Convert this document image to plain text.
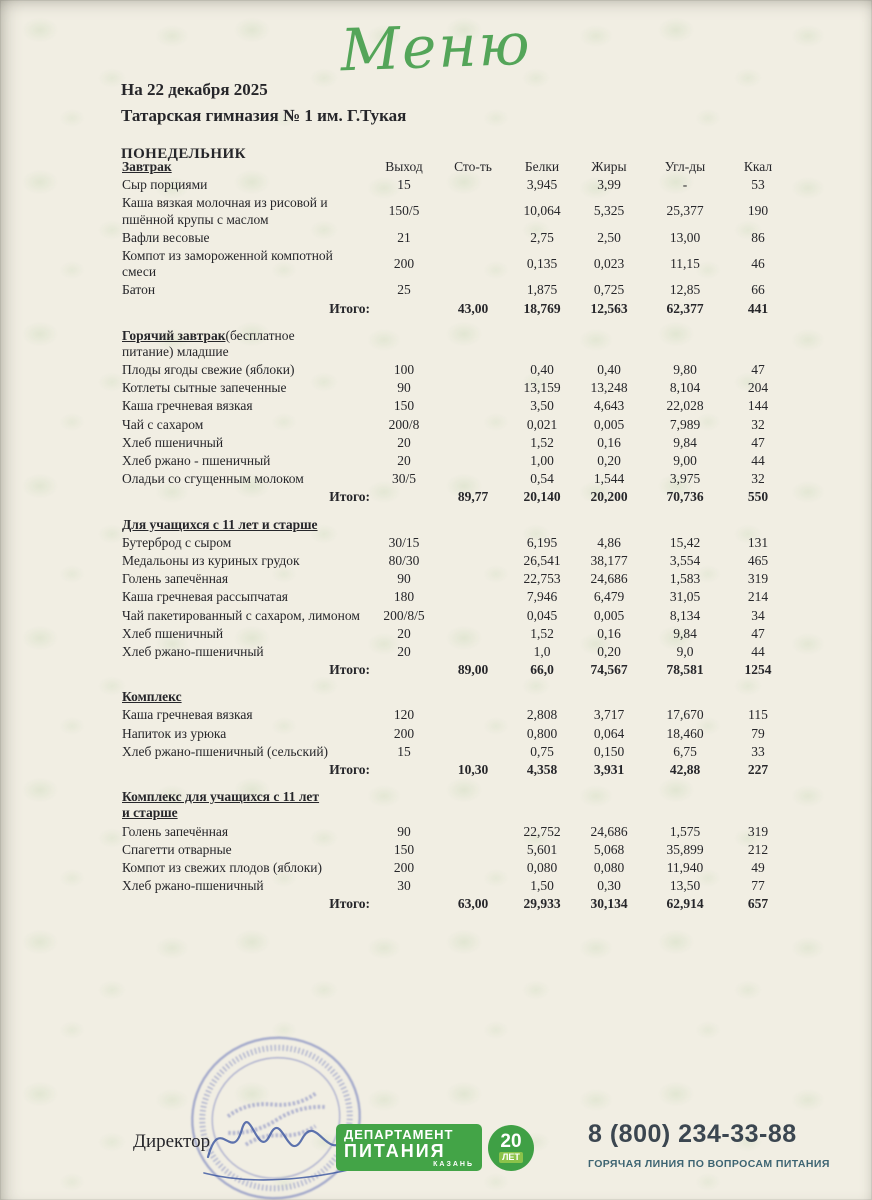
Меню
На 22 декабря 2025
Татарская гимназия № 1 им. Г.Тукая
ПОНЕДЕЛЬНИК
Завтрак	Выход	Сто-ть	Белки	Жиры	Угл-ды	Ккал
Сыр порциями	15		3,945	3,99	-	53
Каша вязкая молочная из рисовой и пшённой крупы с маслом	150/5		10,064	5,325	25,377	190
Вафли весовые	21		2,75	2,50	13,00	86
Компот из замороженной компотной смеси	200		0,135	0,023	11,15	46
Батон	25		1,875	0,725	12,85	66
Итого:		43,00	18,769	12,563	62,377	441

Горячий завтрак(бесплатное питание) младшие						

Плоды ягоды свежие (яблоки)	100		0,40	0,40	9,80	47
Котлеты сытные запеченные	90		13,159	13,248	8,104	204
Каша гречневая вязкая	150		3,50	4,643	22,028	144
Чай с сахаром	200/8		0,021	0,005	7,989	32
Хлеб пшеничный	20		1,52	0,16	9,84	47
Хлеб ржано - пшеничный	20		1,00	0,20	9,00	44
Оладьи со сгущенным молоком	30/5		0,54	1,544	3,975	32
Итого:		89,77	20,140	20,200	70,736	550

Для учащихся с 11 лет и старше						

Бутерброд с сыром	30/15		6,195	4,86	15,42	131
Медальоны из куриных грудок	80/30		26,541	38,177	3,554	465
Голень запечённая	90		22,753	24,686	1,583	319
Каша гречневая рассыпчатая	180		7,946	6,479	31,05	214
Чай пакетированный с сахаром, лимоном	200/8/5		0,045	0,005	8,134	34
Хлеб пшеничный	20		1,52	0,16	9,84	47
Хлеб ржано-пшеничный	20		1,0	0,20	9,0	44
Итого:		89,00	66,0	74,567	78,581	1254

Комплекс						

Каша гречневая вязкая	120		2,808	3,717	17,670	115
Напиток из урюка	200		0,800	0,064	18,460	79
Хлеб ржано-пшеничный (сельский)	15		0,75	0,150	6,75	33
Итого:		10,30	4,358	3,931	42,88	227

Комплекс для учащихся с 11 лет и старше						

Голень запечённая	90		22,752	24,686	1,575	319
Спагетти отварные	150		5,601	5,068	35,899	212
Компот из свежих плодов (яблоки)	200		0,080	0,080	11,940	49
Хлеб ржано-пшеничный	30		1,50	0,30	13,50	77
Итого:		63,00	29,933	30,134	62,914	657
Директор	ДЕПАРТАМЕНТ
ПИТАНИЯ
КАЗАНЬ
20
ЛЕТ
8 (800) 234-33-88
ГОРЯЧАЯ ЛИНИЯ ПО ВОПРОСАМ ПИТАНИЯ
